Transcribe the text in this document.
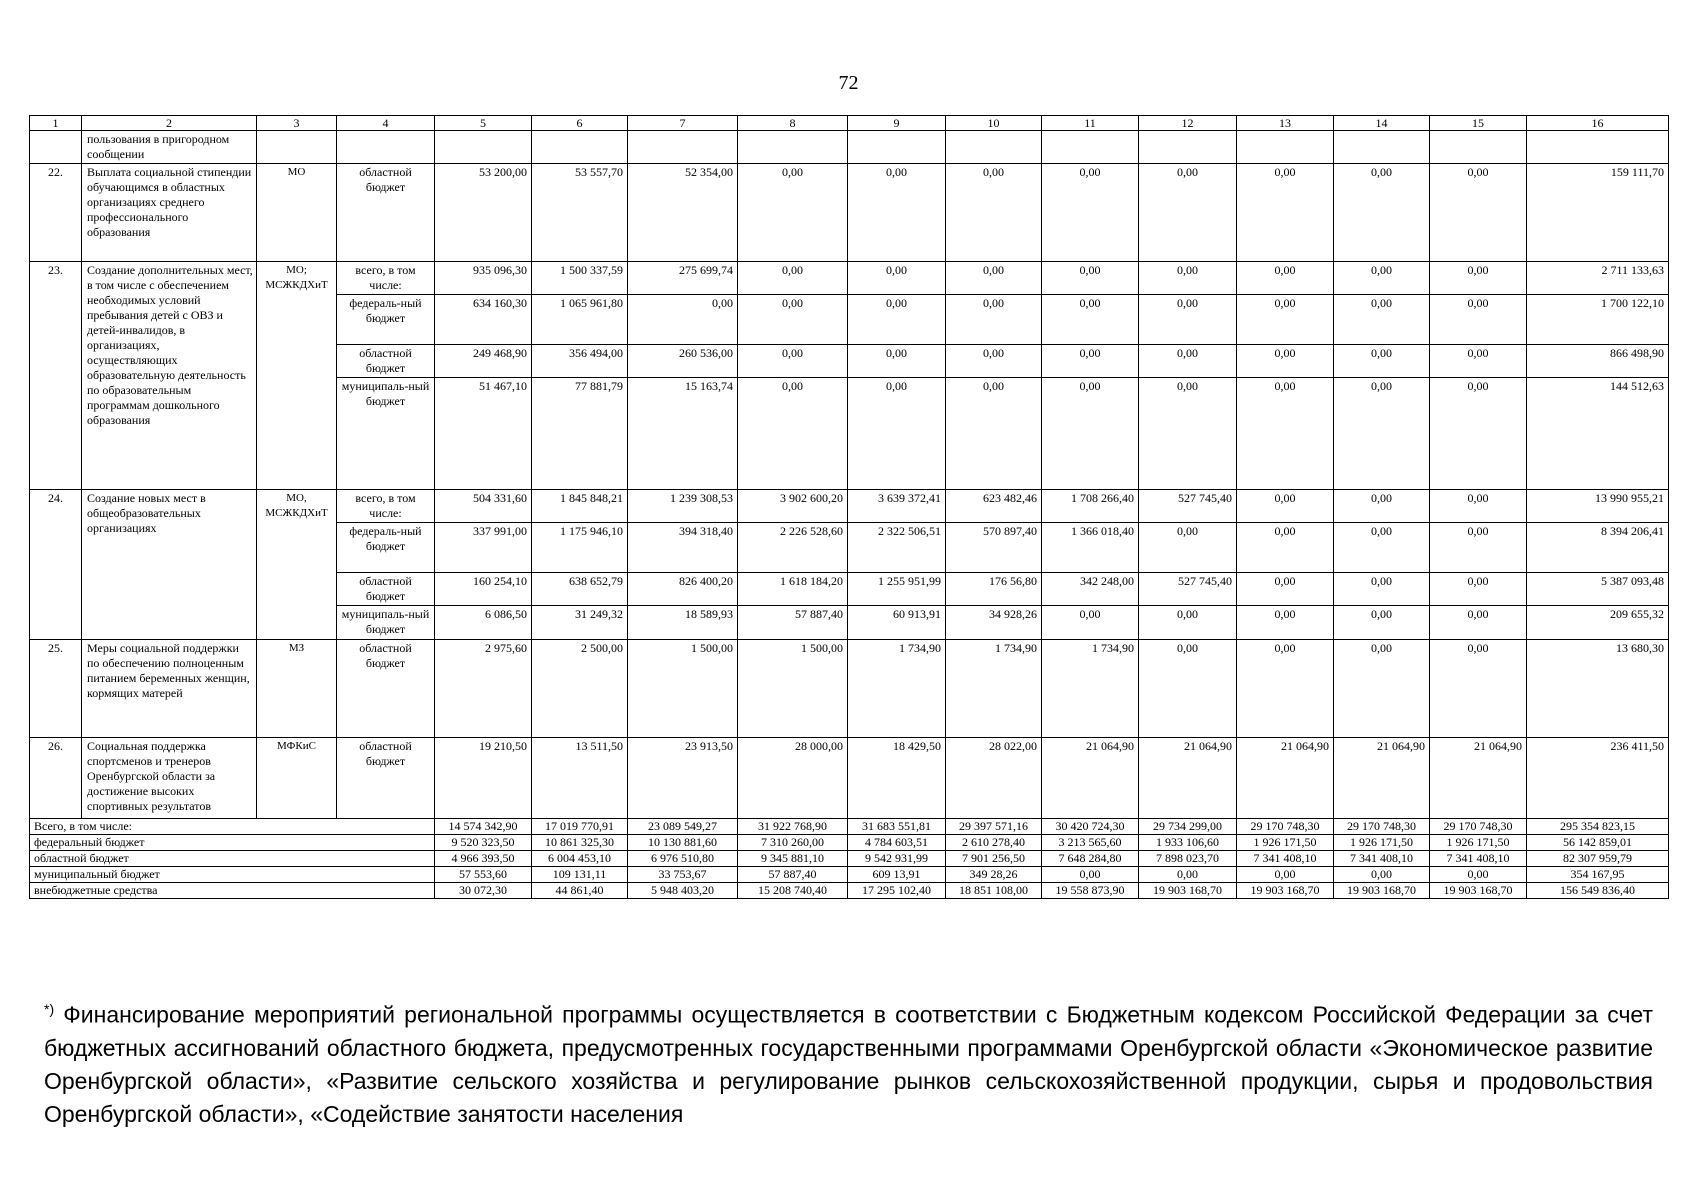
72
1	2	3	4	5	6	7	8	9	10	11	12	13	14	15	16
	пользования в пригородном сообщении														
22.	Выплата социальной стипендии обучающимся в областных организациях среднего профессионального образования	МО	областной бюджет	53 200,00	53 557,70	52 354,00	0,00	0,00	0,00	0,00	0,00	0,00	0,00	0,00	159 111,70
23.	Создание дополнительных мест, в том числе с обеспечением необходимых условий пребывания детей с ОВЗ и детей-инвалидов, в организациях, осуществляющих образовательную деятельность по образовательным программам дошкольного образования	МО; МСЖКДХиТ	всего, в том числе:	935 096,30	1 500 337,59	275 699,74	0,00	0,00	0,00	0,00	0,00	0,00	0,00	0,00	2 711 133,63
			федераль-ный бюджет	634 160,30	1 065 961,80	0,00	0,00	0,00	0,00	0,00	0,00	0,00	0,00	0,00	1 700 122,10
			областной бюджет	249 468,90	356 494,00	260 536,00	0,00	0,00	0,00	0,00	0,00	0,00	0,00	0,00	866 498,90
			муниципаль-ный бюджет	51 467,10	77 881,79	15 163,74	0,00	0,00	0,00	0,00	0,00	0,00	0,00	0,00	144 512,63
24.	Создание новых мест в общеобразовательных организациях	МО, МСЖКДХиТ	всего, в том числе:	504 331,60	1 845 848,21	1 239 308,53	3 902 600,20	3 639 372,41	623 482,46	1 708 266,40	527 745,40	0,00	0,00	0,00	13 990 955,21
			федераль-ный бюджет	337 991,00	1 175 946,10	394 318,40	2 226 528,60	2 322 506,51	570 897,40	1 366 018,40	0,00	0,00	0,00	0,00	8 394 206,41
			областной бюджет	160 254,10	638 652,79	826 400,20	1 618 184,20	1 255 951,99	176 56,80	342 248,00	527 745,40	0,00	0,00	0,00	5 387 093,48
			муниципаль-ный бюджет	6 086,50	31 249,32	18 589,93	57 887,40	60 913,91	34 928,26	0,00	0,00	0,00	0,00	0,00	209 655,32
25.	Меры социальной поддержки по обеспечению полноценным питанием беременных женщин, кормящих матерей	МЗ	областной бюджет	2 975,60	2 500,00	1 500,00	1 500,00	1 734,90	1 734,90	1 734,90	0,00	0,00	0,00	0,00	13 680,30
26.	Социальная поддержка спортсменов и тренеров Оренбургской области за достижение высоких спортивных результатов	МФКиС	областной бюджет	19 210,50	13 511,50	23 913,50	28 000,00	18 429,50	28 022,00	21 064,90	21 064,90	21 064,90	21 064,90	21 064,90	236 411,50
Всего, в том числе:				14 574 342,90	17 019 770,91	23 089 549,27	31 922 768,90	31 683 551,81	29 397 571,16	30 420 724,30	29 734 299,00	29 170 748,30	29 170 748,30	29 170 748,30	295 354 823,15
федеральный бюджет				9 520 323,50	10 861 325,30	10 130 881,60	7 310 260,00	4 784 603,51	2 610 278,40	3 213 565,60	1 933 106,60	1 926 171,50	1 926 171,50	1 926 171,50	56 142 859,01
областной бюджет				4 966 393,50	6 004 453,10	6 976 510,80	9 345 881,10	9 542 931,99	7 901 256,50	7 648 284,80	7 898 023,70	7 341 408,10	7 341 408,10	7 341 408,10	82 307 959,79
муниципальный бюджет				57 553,60	109 131,11	33 753,67	57 887,40	609 13,91	349 28,26	0,00	0,00	0,00	0,00	0,00	354 167,95
внебюджетные средства				30 072,30	44 861,40	5 948 403,20	15 208 740,40	17 295 102,40	18 851 108,00	19 558 873,90	19 903 168,70	19 903 168,70	19 903 168,70	19 903 168,70	156 549 836,40
*) Финансирование мероприятий региональной программы осуществляется в соответствии с Бюджетным кодексом Российской Федерации за счет бюджетных ассигнований областного бюджета, предусмотренных государственными программами Оренбургской области «Экономическое развитие Оренбургской области», «Развитие сельского хозяйства и регулирование рынков сельскохозяйственной продукции, сырья и продовольствия Оренбургской области», «Содействие занятости населения
